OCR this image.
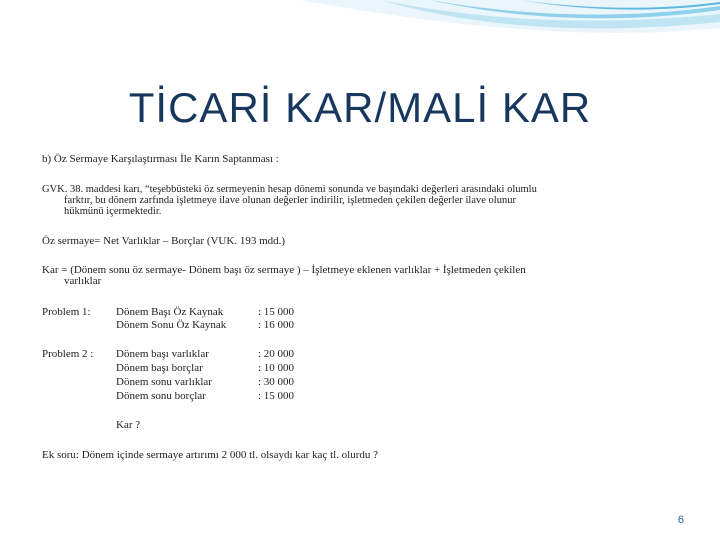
TİCARİ KAR/MALİ KAR
b) Öz Sermaye Karşılaştırması İle Karın Saptanması :
GVK. 38. maddesi karı, “teşebbüsteki öz sermeyenin hesap dönemi sonunda ve başındaki değerleri arasındaki olumlu
farktır, bu dönem zarfında işletmeye ilave olunan değerler indirilir, işletmeden çekilen değerler ilave olunur
hükmünü içermektedir.
Öz sermaye= Net Varlıklar – Borçlar (VUK. 193 mdd.)
Kar = (Dönem sonu öz sermaye- Dönem başı öz sermaye ) – İşletmeye eklenen varlıklar + İşletmeden çekilen
varlıklar
Problem 1: Dönem Başı Öz Kaynak	: 15 000
Dönem Sonu Öz Kaynak	: 16 000
Problem 2 : Dönem başı varlıklar	: 20 000
Dönem başı borçlar	: 10 000
Dönem sonu varlıklar	: 30 000
Dönem sonu borçlar	: 15 000
Kar ?
Ek soru: Dönem içinde sermaye artırımı 2 000 tl. olsaydı kar kaç tl. olurdu ?
6
